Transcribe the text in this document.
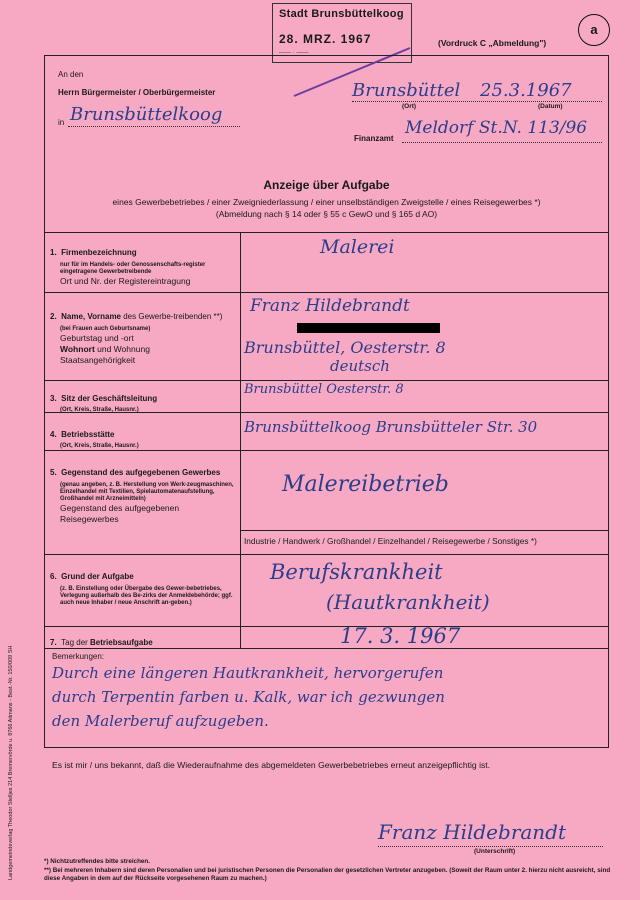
Stadt Brunsbüttelkoog
28. MRZ. 1967
—— · ——
(Vordruck C „Abmeldung")
a
An den
Herrn Bürgermeister / Oberbürgermeister
in Brunsbüttelkoog
Brunsbüttel 25.3.1967
(Ort)	(Datum)
Finanzamt
Meldorf St.N. 113/96
Anzeige über Aufgabe
eines Gewerbebetriebes / einer Zweigniederlassung / einer unselbständigen Zweigstelle / eines Reisegewerbes *)
(Abmeldung nach § 14 oder § 55 c GewO und § 165 d AO)
1. Firmenbezeichnung
nur für im Handels- oder Genossenschafts-register eingetragene Gewerbetreibende
Ort und Nr. der Registereintragung
Malerei
2. Name, Vorname des Gewerbe-treibenden **)
(bei Frauen auch Geburtsname)
Geburtstag und -ort
Wohnort und Wohnung
Staatsangehörigkeit
Franz Hildebrandt
Brunsbüttel, Oesterstr. 8
deutsch
3. Sitz der Geschäftsleitung
(Ort, Kreis, Straße, Hausnr.)
Brunsbüttel Oesterstr. 8
4. Betriebsstätte
(Ort, Kreis, Straße, Hausnr.)
Brunsbüttelkoog Brunsbütteler Str. 30
5. Gegenstand des aufgegebenen Gewerbes
(genau angeben, z. B. Herstellung von Werk-zeugmaschinen, Einzelhandel mit Textilien, Spielautomatenaufstellung, Großhandel mit Arzneimitteln)
Gegenstand des aufgegebenen Reisegewerbes
Malereibetrieb
Industrie / Handwerk / Großhandel / Einzelhandel / Reisegewerbe / Sonstiges *)
6. Grund der Aufgabe
(z. B. Einstellung oder Übergabe des Gewer-bebetriebes, Verlegung außerhalb des Be-zirks der Anmeldebehörde; ggf. auch neue Inhaber / neue Anschrift an-geben.)
Berufskrankheit
(Hautkrankheit)
7. Tag der Betriebsaufgabe	17. 3. 1967
Bemerkungen:
Durch eine längeren Hautkrankheit, hervorgerufen
durch Terpentin farben u. Kalk, war ich gezwungen
den Malerberuf aufzugeben.
Es ist mir / uns bekannt, daß die Wiederaufnahme des abgemeldeten Gewerbebetriebes erneut anzeigepflichtig ist.
Franz Hildebrandt
(Unterschrift)
*) Nichtzutreffendes bitte streichen.
**) Bei mehreren Inhabern sind deren Personalien und bei juristischen Personen die Personalien der gesetzlichen Vertreter anzugeben. (Soweit der Raum unter 2. hierzu nicht ausreicht, sind diese Angaben in dem auf der Rückseite vorgesehenen Raum zu machen.)
Landgemeindeverlag Theodor Stelljes 214 Bremervörde u. 8766 Aitmans - Best.-Nr. 150/009 SH
